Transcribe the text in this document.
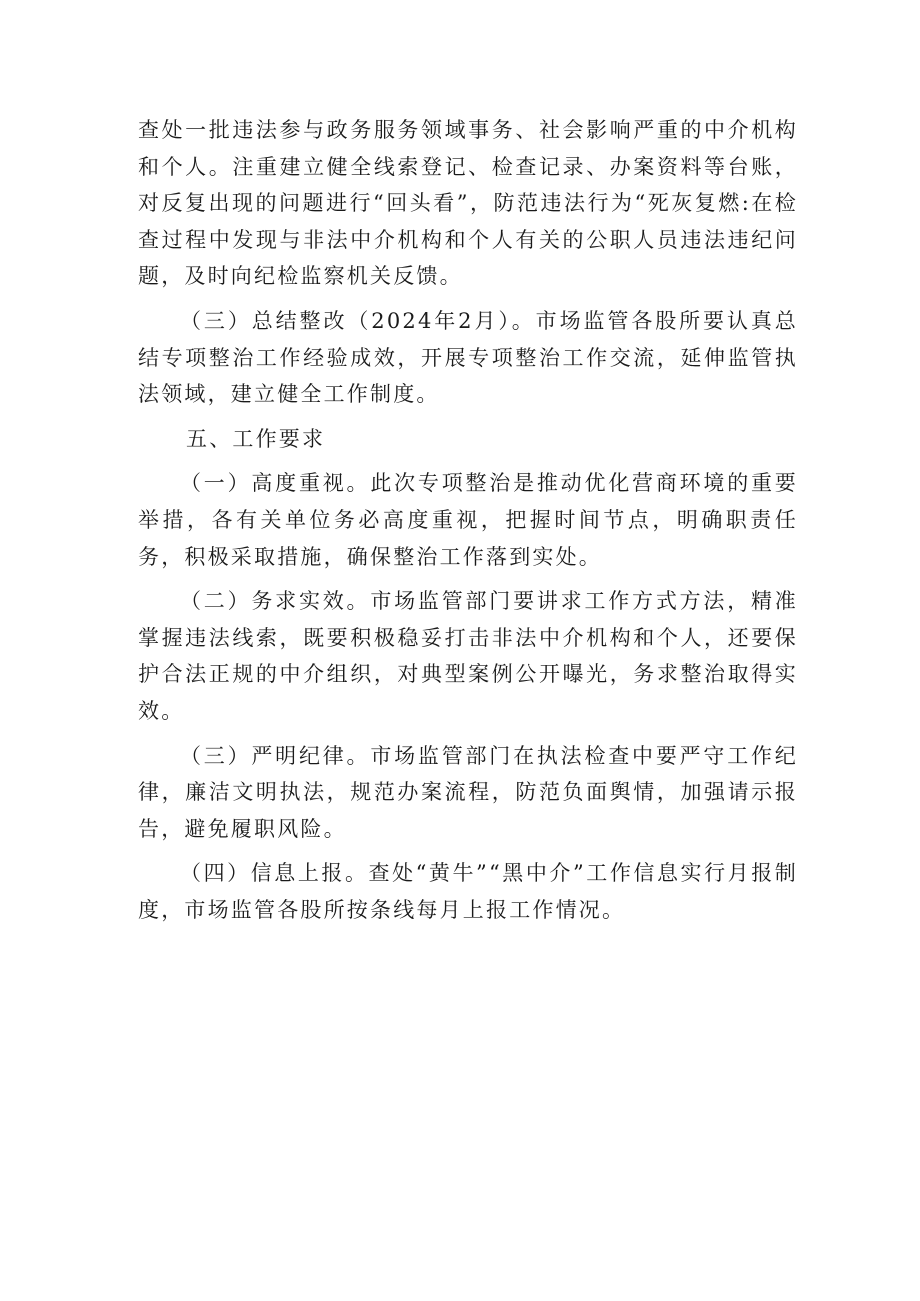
查处一批违法参与政务服务领域事务、社会影响严重的中介机构和个人。注重建立健全线索登记、检查记录、办案资料等台账，对反复出现的问题进行“回头看”，防范违法行为“死灰复燃:在检查过程中发现与非法中介机构和个人有关的公职人员违法违纪问题，及时向纪检监察机关反馈。

（三）总结整改（2024年2月）。市场监管各股所要认真总结专项整治工作经验成效，开展专项整治工作交流，延伸监管执法领域，建立健全工作制度。

五、工作要求

（一）高度重视。此次专项整治是推动优化营商环境的重要举措，各有关单位务必高度重视，把握时间节点，明确职责任务，积极采取措施，确保整治工作落到实处。

（二）务求实效。市场监管部门要讲求工作方式方法，精准掌握违法线索，既要积极稳妥打击非法中介机构和个人，还要保护合法正规的中介组织，对典型案例公开曝光，务求整治取得实效。

（三）严明纪律。市场监管部门在执法检查中要严守工作纪律，廉洁文明执法，规范办案流程，防范负面舆情，加强请示报告，避免履职风险。

（四）信息上报。查处“黄牛”“黑中介”工作信息实行月报制度，市场监管各股所按条线每月上报工作情况。
